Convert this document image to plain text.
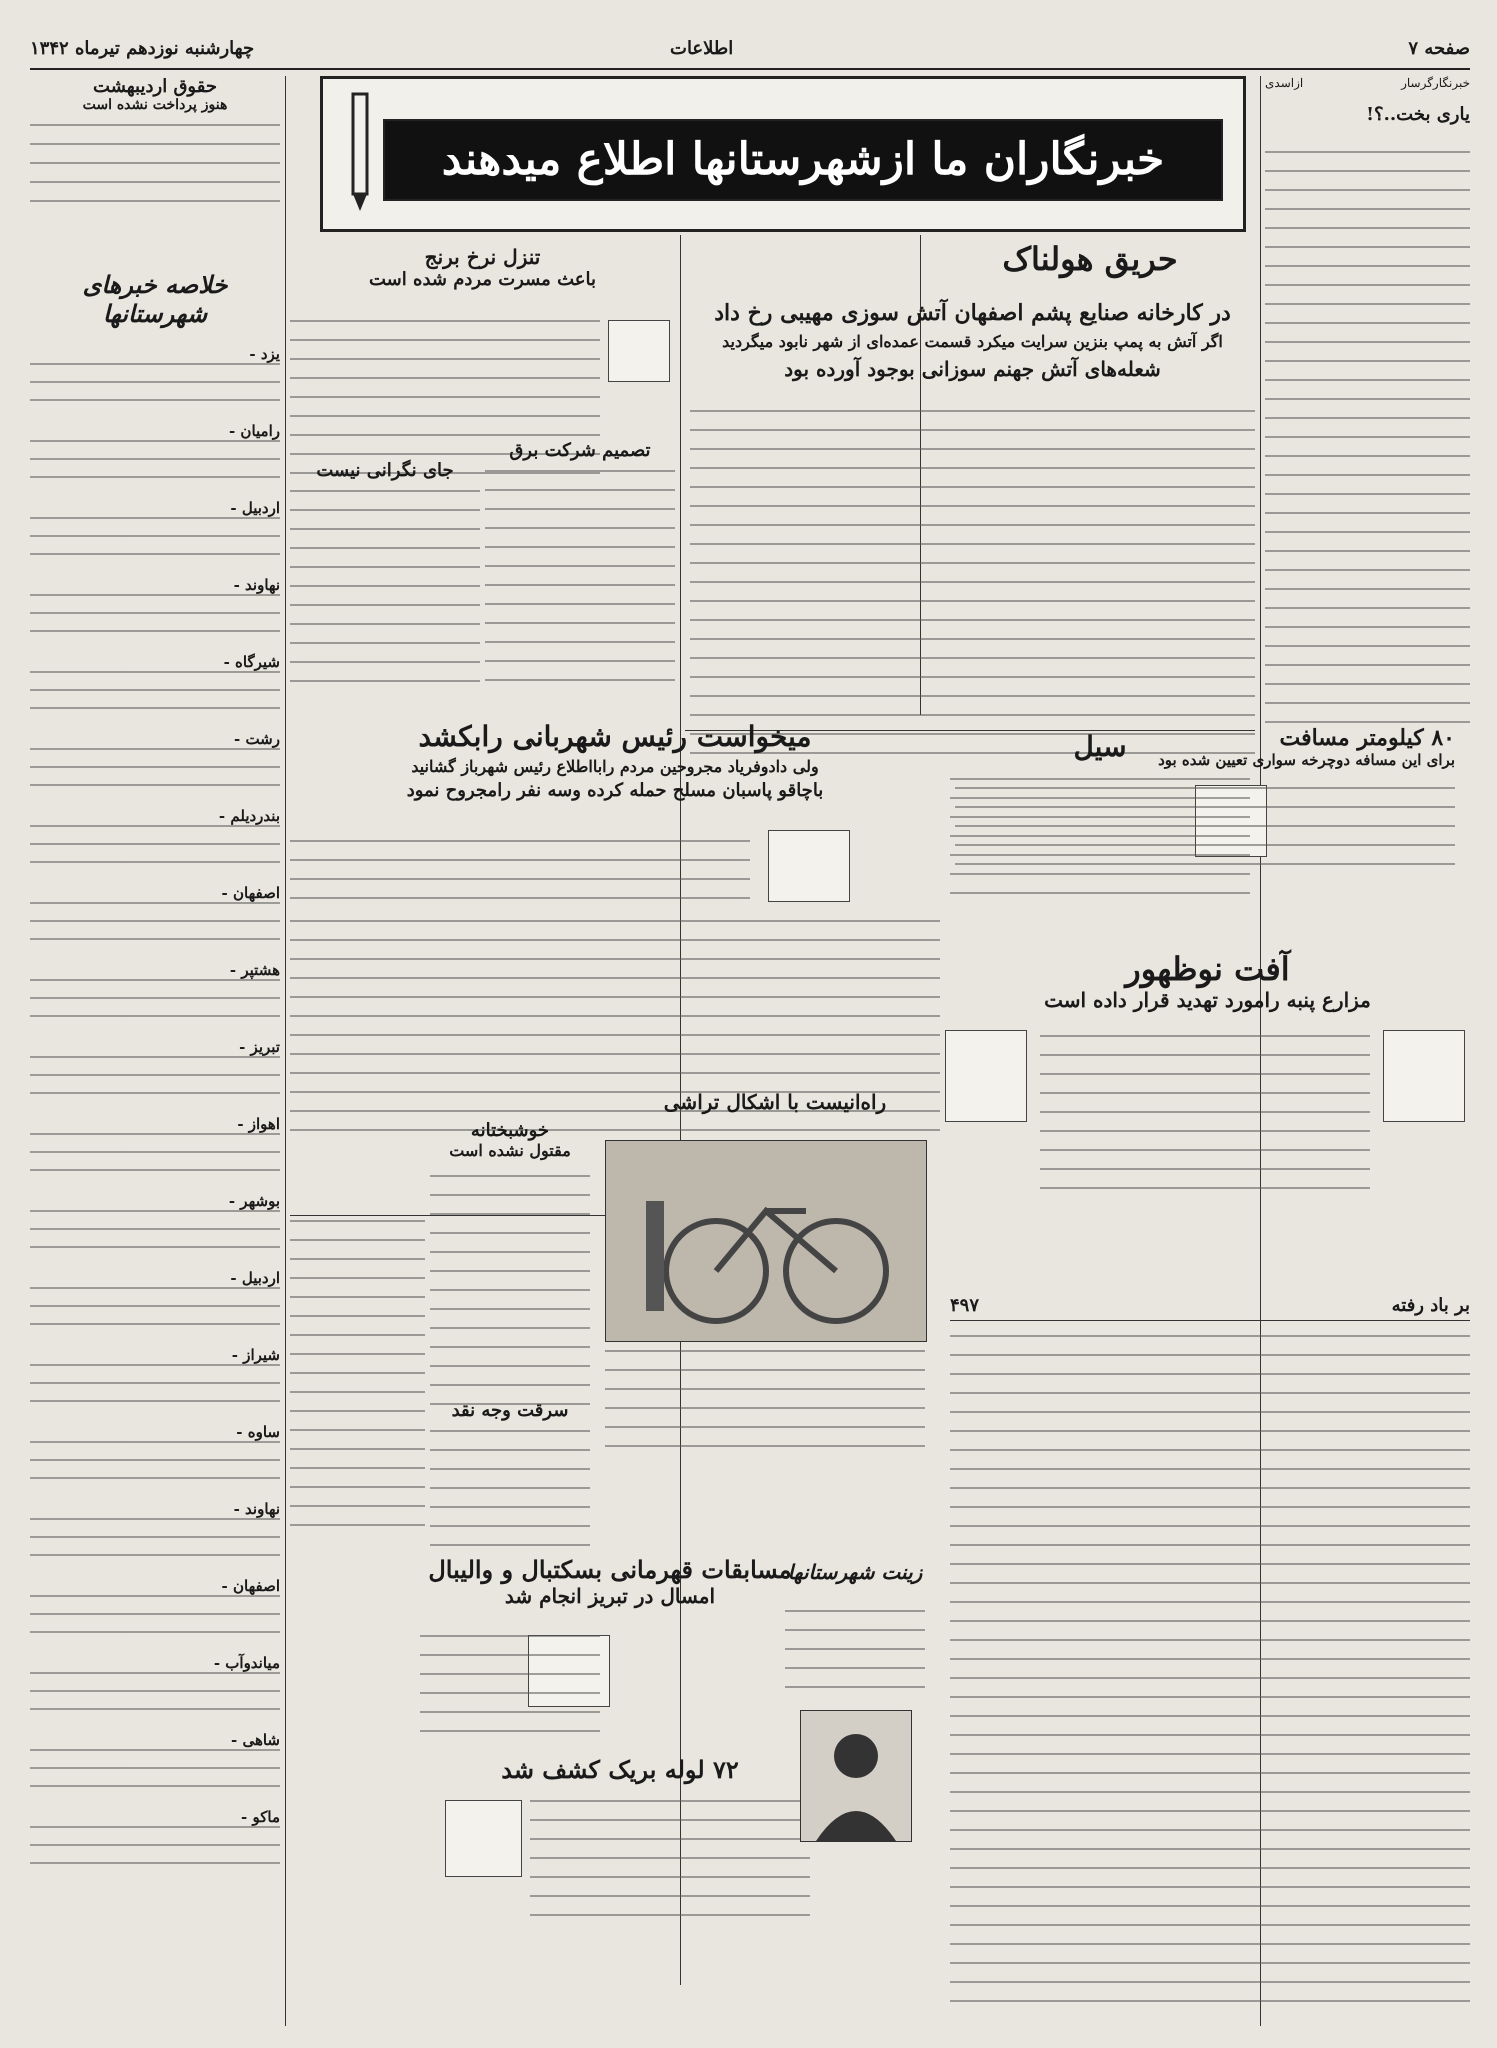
چهارشنبه نوزدهم تیرماه ۱۳۴۲	اطلاعات	صفحه ۷
خبرنگاران ما ازشهرستانها اطلاع میدهند
حقوق اردیبهشت
هنوز پرداخت نشده است
خلاصه خبرهای شهرستانها
یزد -
رامیان -
اردبیل -
نهاوند -
شیرگاه -
رشت -
بندردیلم -
اصفهان -
هشتپر -
تبریز -
اهواز -
بوشهر -
اردبیل -
شیراز -
ساوه -
نهاوند -
اصفهان -
میاندوآب -
شاهی -
ماکو -
حریق هولناک
در کارخانه صنایع پشم اصفهان آتش سوزی مهیبی رخ داد
اگر آتش به پمپ بنزین سرایت میکرد قسمت عمده‌ای از شهر نابود میگردید
شعله‌های آتش جهنم سوزانی بوجود آورده بود
تنزل نرخ برنج
باعث مسرت مردم شده است
جای نگرانی نیست
تصمیم شرکت برق
خبرنگارگرسار
ازاسدی
یاری بخت..؟!
۸۰ کیلومتر مسافت
برای این مسافه دوچرخه سواری تعیین شده بود
میخواست رئیس شهربانی رابکشد
ولی دادوفریاد مجروحین مردم رابااطلاع رئیس شهرباز گشانید
باچاقو پاسبان مسلح حمله کرده وسه نفر رامجروح نمود
سیل
آفت نوظهور
مزارع پنبه رامورد تهدید قرار داده است
راه‌انیست با اشکال تراشی
خوشبختانه
مقتول نشده است
سرقت وجه نقد
مسابقات قهرمانی بسکتبال و والیبال
امسال در تبریز انجام شد
۷۲ لوله بریک کشف شد
زینت شهرستانها
بر باد رفته
۴۹۷
